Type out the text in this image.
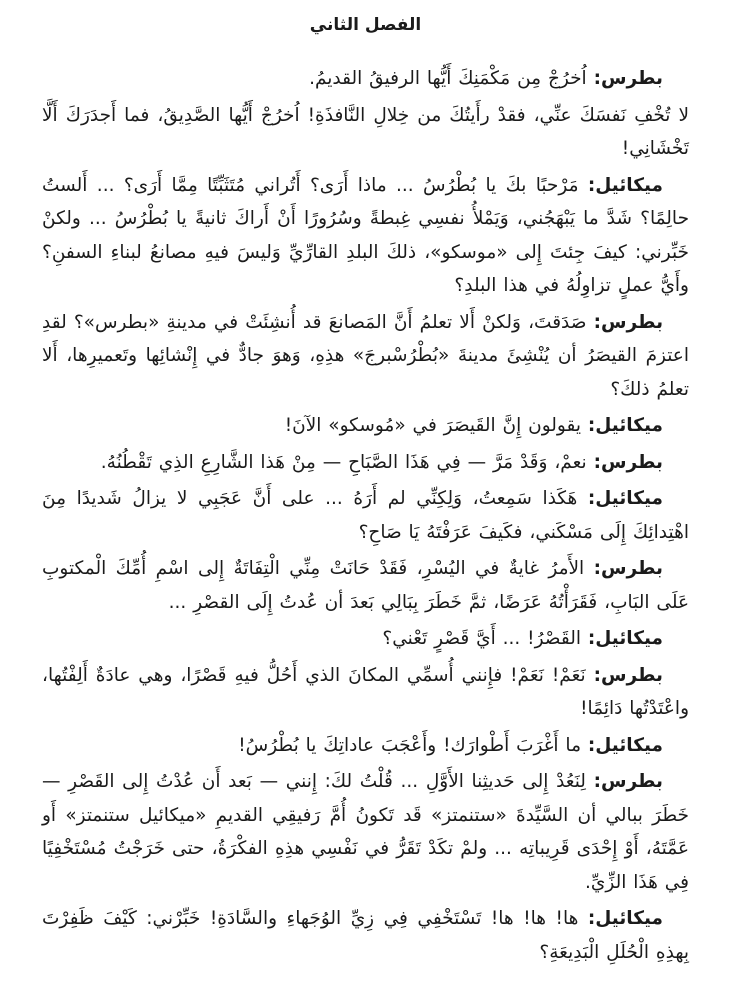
الفصل الثاني

بطرس: اُخرُجْ مِن مَكْمَنِكَ أَيُّها الرفيقُ القديمُ.

لا تُخْفِ نَفسَكَ عنِّي، فقدْ رأَيتُكَ من خِلالِ النَّافذَةِ! اُخرُجْ أَيُّها الصَّدِيقُ، فما أَجدَرَكَ أَلَّا تَخْشَانِي!

ميكائيل: مَرْحبًا بكَ يا بُطْرُسُ ... ماذا أَرَى؟ أَتُراني مُتَثَبِّتًا مِمَّا أَرَى؟ ... أَلستُ حالِمًا؟ شَدَّ ما يَبْهَجُني، وَيَمْلأُ نفسِي غِبطةً وسُرُورًا أَنْ أَراكَ ثانيةً يا بُطْرُسُ ... ولكنْ خَبِّرني: كيفَ جِئتَ إِلى «موسكو»، ذلكَ البلدِ القارِّيِّ وَليسَ فيهِ مصانعُ لبناءِ السفنِ؟ وأَيُّ عملٍ تزاوِلُهُ في هذا البلدِ؟

بطرس: صَدَقتَ، وَلكنْ أَلا تعلمُ أَنَّ المَصانعَ قد أُنشِئَتْ في مدينةِ «بطرس»؟ لقدِ اعتزمَ القيصَرُ أن يُنْشِئَ مدينةَ «بُطْرُسْبرجَ» هذِهِ، وَهوَ جادٌّ في إِنْشائِها وتَعميرِها، أَلا تعلمُ ذلكَ؟

ميكائيل: يقولون إِنَّ القَيصَرَ في «مُوسكو» الآنَ!

بطرس: نعمْ، وَقَدْ مَرَّ — فِي هَذَا الصَّبَاحِ — مِنْ هَذا الشَّارِعِ الذِي تَقْطُنُهُ.

ميكائيل: هَكَذا سَمِعتُ، وَلِكِنِّي لم أَرَهُ ... على أَنَّ عَجَبِي لا يزالُ شَديدًا مِنَ اهْتِدائِكَ إِلَى مَسْكَني، فكَيفَ عَرَفْتَهُ يَا صَاحِ؟

بطرس: الأَمرُ غايةٌ في اليُسْرِ، فَقَدْ حَانَتْ مِنِّي الْتِفَاتَةٌ إِلى اسْمِ أُمِّكَ الْمكتوبِ عَلَى البَابِ، فَقَرَأْتُهُ عَرَضًا، ثمَّ خَطَرَ بِبَالِي بَعدَ أن عُدتُ إِلَى القصْرِ ...

ميكائيل: القَصْرُ! ... أَيَّ قَصْرٍ تَعْني؟

بطرس: نَعَمْ! نَعَمْ! فإِنني أُسمِّي المكانَ الذي أَحُلُّ فيهِ قَصْرًا، وهي عادَةٌ أَلِفْتُها، واعْتَدْتُها دَائِمًا!

ميكائيل: ما أَغْرَبَ أَطْوارَك! وأَعْجَبَ عاداتِكَ يا بُطْرُسُ!

بطرس: لِنَعُدْ إِلى حَديثِنا الأَوَّلِ ... قُلْتُ لكَ: إِنني — بَعد أَن عُدْتُ إِلى القَصْرِ — خَطَرَ ببالي أن السَّيِّدةَ «ستنمتز» قَد تَكونُ أُمَّ رَفيقِي القديمِ «ميكائيل ستنمتز» أَو عَمَّتَهُ، أَوْ إِحْدَى قَرِيباتِه ... ولمْ تكَدْ تَقَرُّ في نَفْسِي هذِهِ الفكْرَةُ، حتى خَرَجْتُ مُسْتَخْفِيًا فِي هَذَا الزِّيِّ.

ميكائيل: ها! ها! ها! تَسْتَخْفِي فِي زِيِّ الوُجَهاءِ والسَّادَةِ! خَبِّرْني: كَيْفَ ظَفِرْتَ بِهذِهِ الْحُلَلِ الْبَدِيعَةِ؟
